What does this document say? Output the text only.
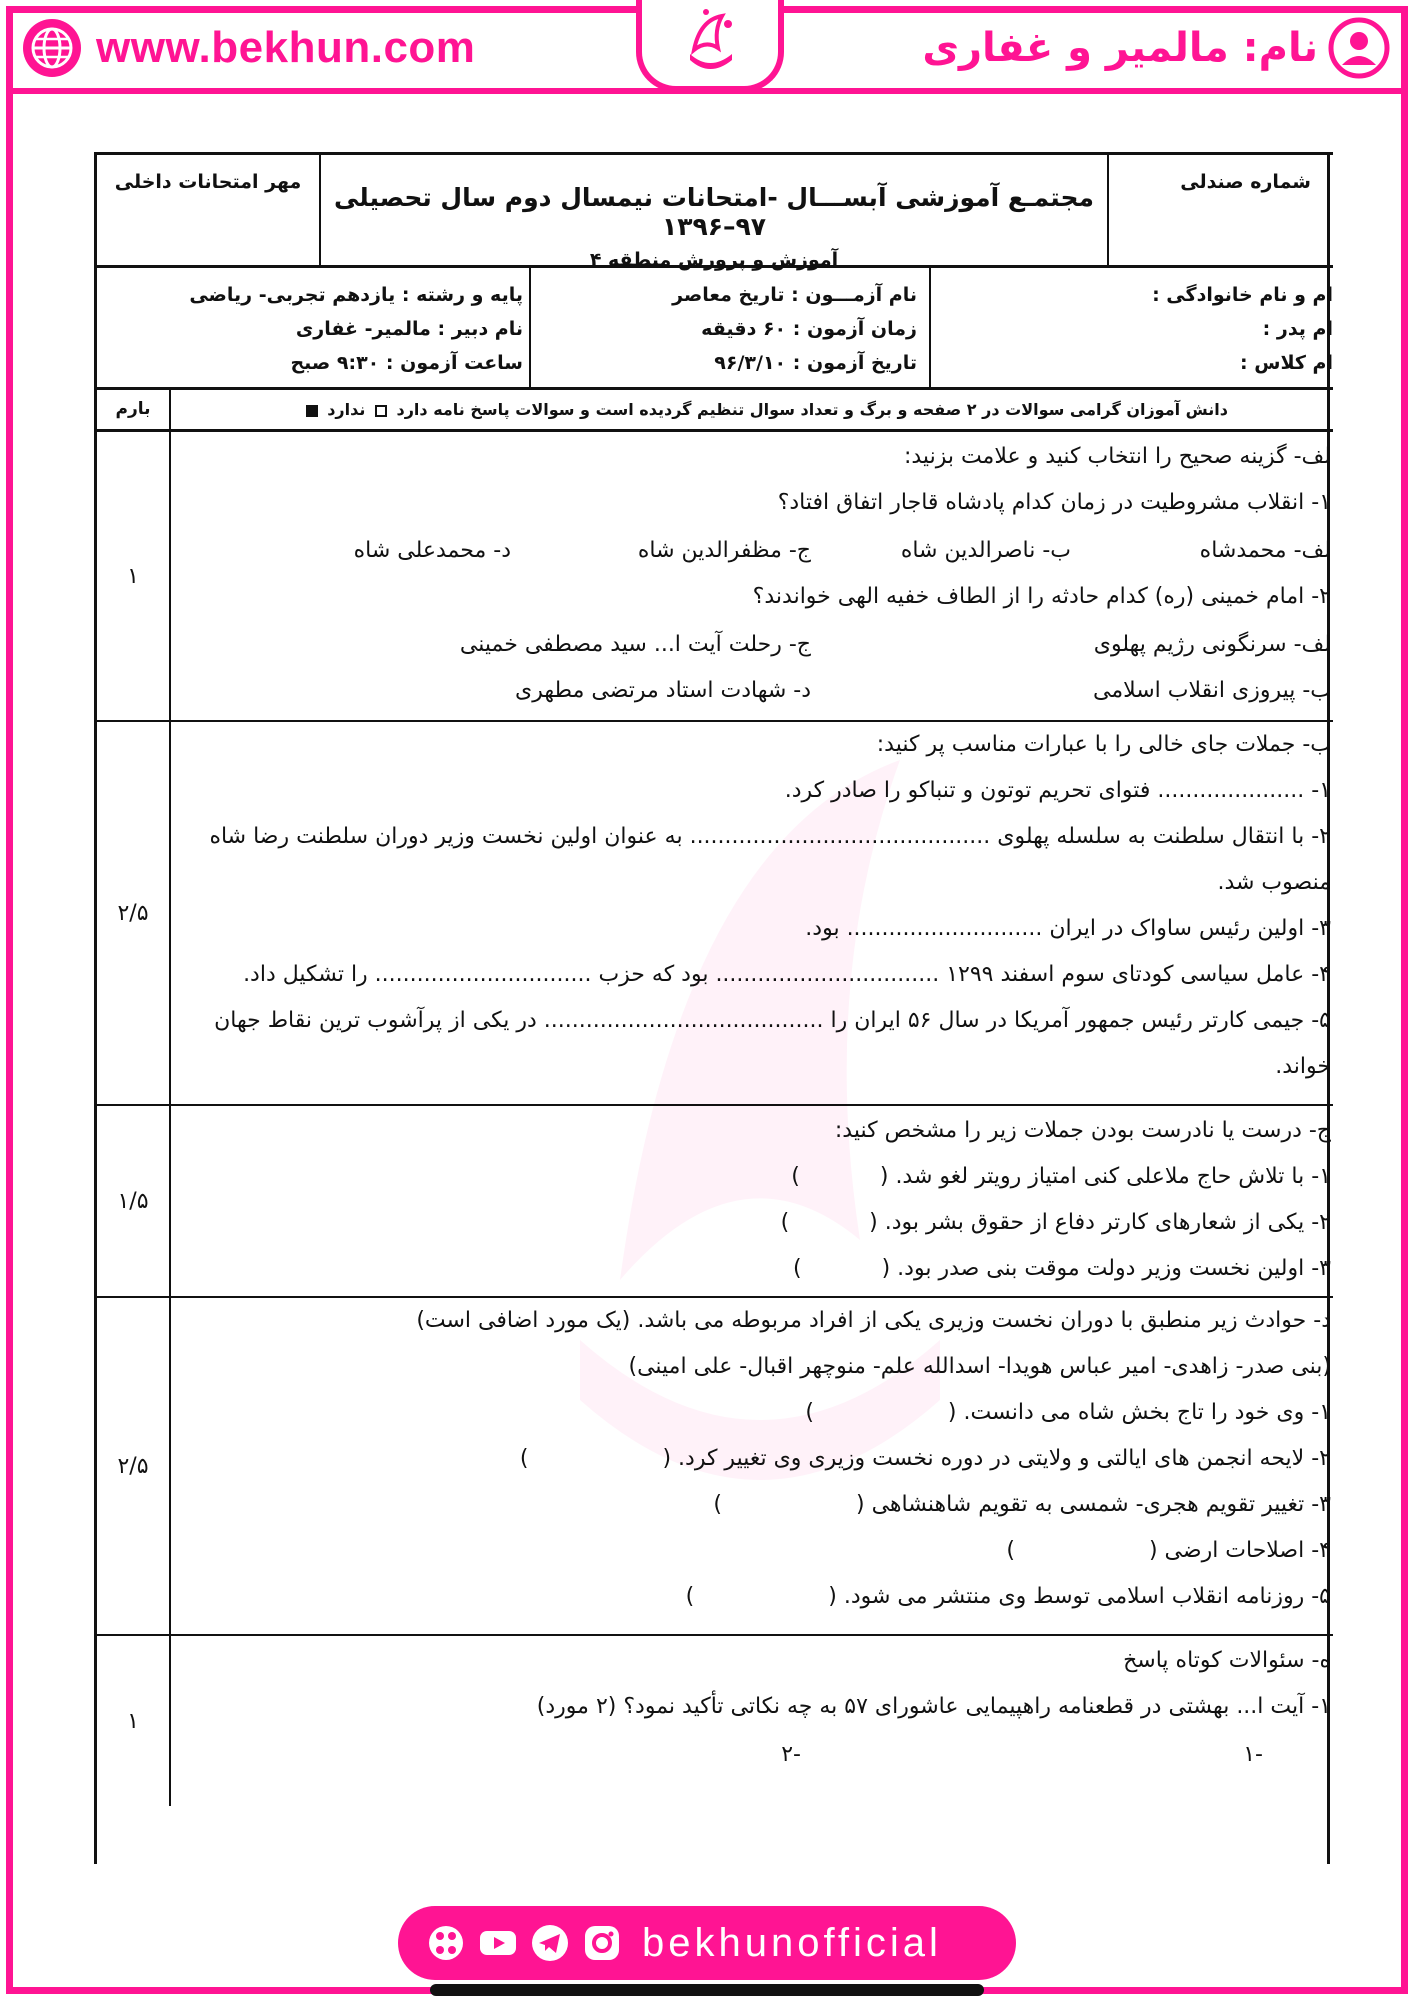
www.bekhun.com	نام: مالمیر و غفاری
شماره صندلی
مجتمـع آموزشی آبســـال -امتحانات نیمسال دوم سال تحصیلی ۹۷–۱۳۹۶
آموزش و پرورش منطقه ۴
مهر امتحانات داخلی
ام و نام خانوادگی :
ام پدر :
ام کلاس :
نام آزمـــون : تاریخ معاصر
زمان آزمون : ۶۰ دقیقه
تاریخ آزمون : ۹۶/۳/۱۰
پایه و رشته : یازدهم تجربی- ریاضی
نام دبیر : مالمیر- غفاری
ساعت آزمون : ۹:۳۰ صبح
دانش آموزان گرامی سوالات در ۲ صفحه و برگ و تعداد سوال تنظیم گردیده است و سوالات پاسخ نامه دارد  ندارد
بارم
لف- گزینه صحیح را انتخاب کنید و علامت بزنید:
۱- انقلاب مشروطیت در زمان کدام پادشاه قاجار اتفاق افتاد؟
لف- محمدشاه
ب- ناصرالدین شاه
ج- مظفرالدین شاه
د- محمدعلی شاه
۲- امام خمینی (ره) کدام حادثه را از الطاف خفیه الهی خواندند؟
لف- سرنگونی رژیم پهلوی
ج- رحلت آیت ا... سید مصطفی خمینی
ب- پیروزی انقلاب اسلامی
د- شهادت استاد مرتضی مطهری
۱
ب- جملات جای خالی را با عبارات مناسب پر کنید:
۱- ..................... فتوای تحریم توتون و تنباکو را صادر کرد.
۲- با انتقال سلطنت به سلسله پهلوی ........................................... به عنوان اولین نخست وزیر دوران سلطنت رضا شاه
منصوب شد.
۳- اولین رئیس ساواک در ایران ............................ بود.
۴- عامل سیاسی کودتای سوم اسفند ۱۲۹۹ ................................ بود که حزب ............................... را تشکیل داد.
۵- جیمی کارتر رئیس جمهور آمریکا در سال ۵۶ ایران را ........................................ در یکی از پرآشوب ترین نقاط جهان
خواند.
۲/۵
ج- درست یا نادرست بودن جملات زیر را مشخص کنید:
۱- با تلاش حاج ملاعلی کنی امتیاز رویتر لغو شد. (  )
۲- یکی از شعارهای کارتر دفاع از حقوق بشر بود. (  )
۳- اولین نخست وزیر دولت موقت بنی صدر بود. (  )
۱/۵
د- حوادث زیر منطبق با دوران نخست وزیری یکی از افراد مربوطه می باشد. (یک مورد اضافی است)
(بنی صدر- زاهدی- امیر عباس هویدا- اسدالله علم- منوچهر اقبال- علی امینی)
۱- وی خود را تاج بخش شاه می دانست. (  )
۲- لایحه انجمن های ایالتی و ولایتی در دوره نخست وزیری وی تغییر کرد. (  )
۳- تغییر تقویم هجری- شمسی به تقویم شاهنشاهی (  )
۴- اصلاحات ارضی (  )
۵- روزنامه انقلاب اسلامی توسط وی منتشر می شود. (  )
۲/۵
ه- سئوالات کوتاه پاسخ
۱- آیت ا... بهشتی در قطعنامه راهپیمایی عاشورای ۵۷ به چه نکاتی تأکید نمود؟ (۲ مورد)
-۱
-۲
۱
bekhunofficial
